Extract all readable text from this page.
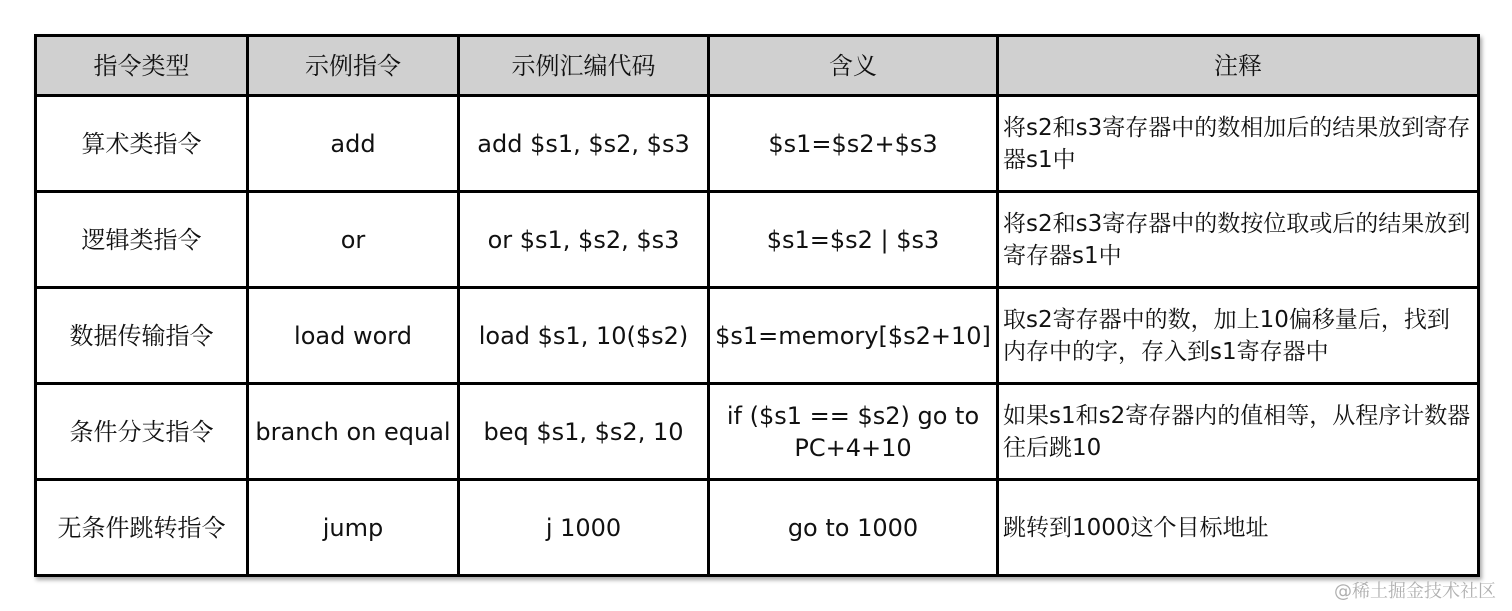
指令类型	示例指令	示例汇编代码	含义	注释
算术类指令	add	add $s1, $s2, $s3	$s1=$s2+$s3	将s2和s3寄存器中的数相加后的结果放到寄存器s1中
逻辑类指令	or	or $s1, $s2, $s3	$s1=$s2 | $s3	将s2和s3寄存器中的数按位取或后的结果放到寄存器s1中
数据传输指令	load word	load $s1, 10($s2)	$s1=memory[$s2+10]	取s2寄存器中的数，加上10偏移量后，找到内存中的字，存入到s1寄存器中
条件分支指令	branch on equal	beq $s1, $s2, 10	if ($s1 == $s2) go to PC+4+10	如果s1和s2寄存器内的值相等，从程序计数器往后跳10
无条件跳转指令	jump	j 1000	go to 1000	跳转到1000这个目标地址
@稀土掘金技术社区
